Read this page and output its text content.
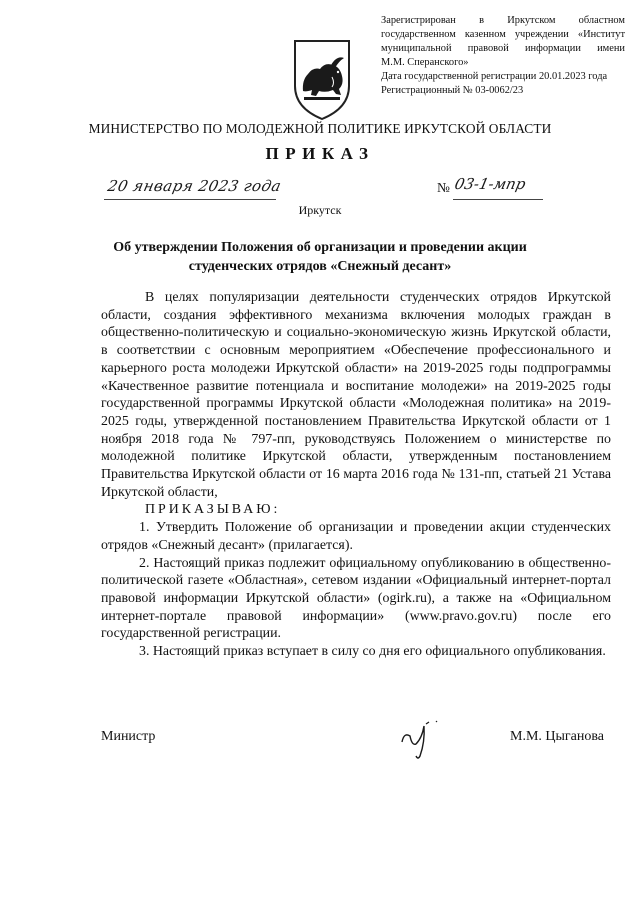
Зарегистрирован в Иркутском областном
государственном казенном учреждении «Институт
муниципальной правовой информации имени
М.М. Сперанского»
Дата государственной регистрации 20.01.2023 года
Регистрационный № 03-0062/23
МИНИСТЕРСТВО ПО МОЛОДЕЖНОЙ ПОЛИТИКЕ ИРКУТСКОЙ ОБЛАСТИ
ПРИКАЗ
20 января 2023 года	№ 03-1-мпр
Иркутск
Об утверждении Положения об организации и проведении акции студенческих отрядов «Снежный десант»

В целях популяризации деятельности студенческих отрядов Иркутской области, создания эффективного механизма включения молодых граждан в общественно-политическую и социально-экономическую жизнь Иркутской области, в соответствии с основным мероприятием «Обеспечение профессионального и карьерного роста молодежи Иркутской области» на 2019-2025 годы подпрограммы «Качественное развитие потенциала и воспитание молодежи» на 2019-2025 годы государственной программы Иркутской области «Молодежная политика» на 2019-2025 годы, утвержденной постановлением Правительства Иркутской области от 1 ноября 2018 года № 797-пп, руководствуясь Положением о министерстве по молодежной политике Иркутской области, утвержденным постановлением Правительства Иркутской области от 16 марта 2016 года № 131-пп, статьей 21 Устава Иркутской области,

ПРИКАЗЫВАЮ:

1. Утвердить Положение об организации и проведении акции студенческих отрядов «Снежный десант» (прилагается).

2. Настоящий приказ подлежит официальному опубликованию в общественно-политической газете «Областная», сетевом издании «Официальный интернет-портал правовой информации Иркутской области» (ogirk.ru), а также на «Официальном интернет-портале правовой информации» (www.pravo.gov.ru) после его государственной регистрации.

3. Настоящий приказ вступает в силу со дня его официального опубликования.

Министр	М.М. Цыганова
